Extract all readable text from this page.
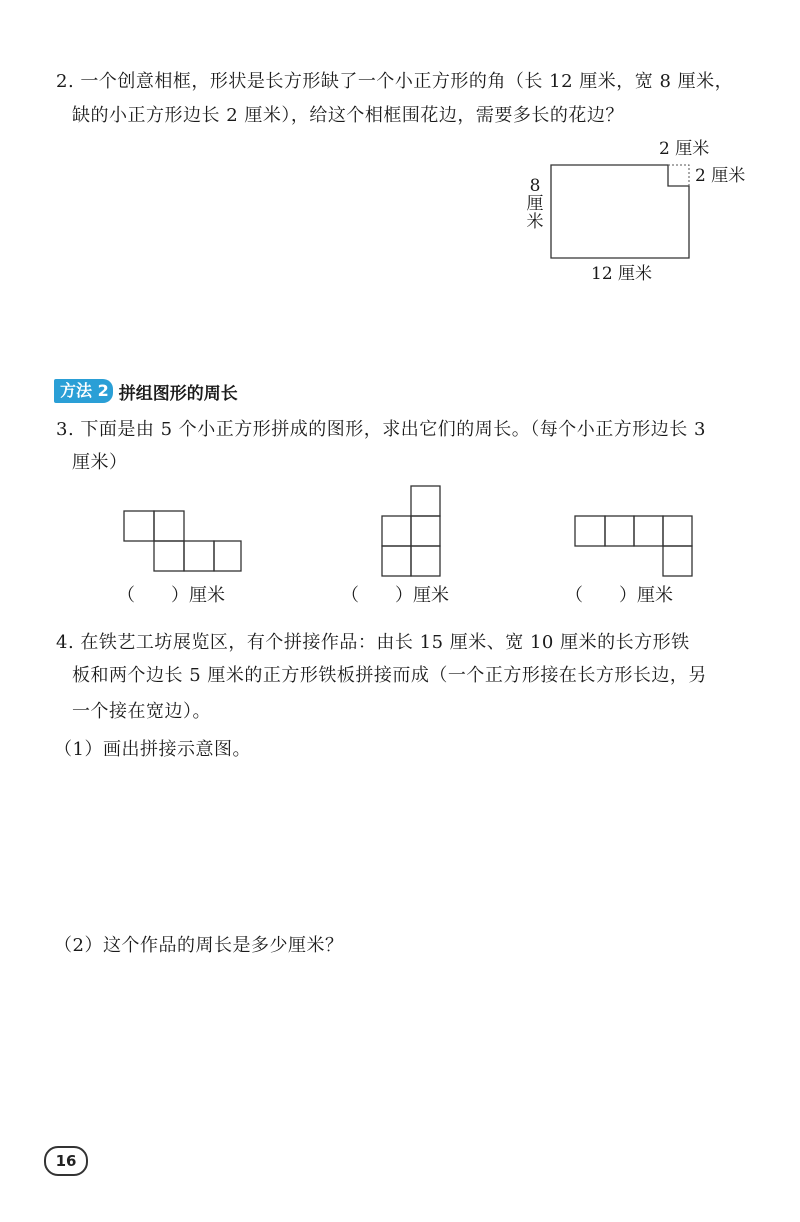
2. 一个创意相框，形状是长方形缺了一个小正方形的角（长 12 厘米，宽 8 厘米，
缺的小正方形边长 2 厘米），给这个相框围花边，需要多长的花边？
2 厘米
2 厘米
12 厘米
8
厘
米
方法 2 拼组图形的周长
3. 下面是由 5 个小正方形拼成的图形，求出它们的周长。（每个小正方形边长 3
厘米）
（　　）厘米	（　　）厘米	（　　）厘米
4. 在铁艺工坊展览区，有个拼接作品：由长 15 厘米、宽 10 厘米的长方形铁
板和两个边长 5 厘米的正方形铁板拼接而成（一个正方形接在长方形长边，另
一个接在宽边）。
（1）画出拼接示意图。
（2）这个作品的周长是多少厘米？
16
